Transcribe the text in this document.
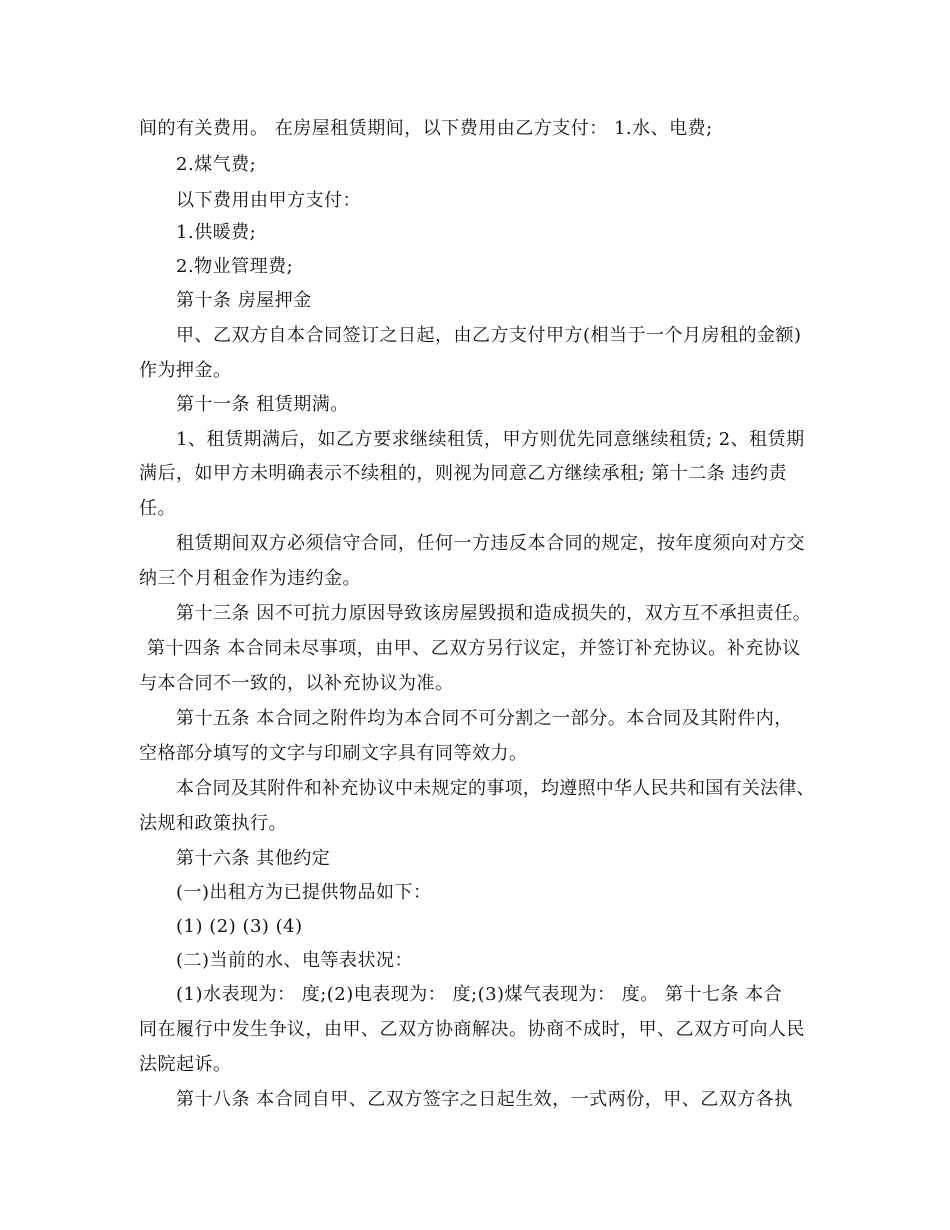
间的有关费用。 在房屋租赁期间，以下费用由乙方支付： 1.水、电费;
2.煤气费;
以下费用由甲方支付：
1.供暖费;
2.物业管理费;
第十条 房屋押金
甲、乙双方自本合同签订之日起，由乙方支付甲方(相当于一个月房租的金额)
作为押金。
第十一条 租赁期满。
1、租赁期满后，如乙方要求继续租赁，甲方则优先同意继续租赁; 2、租赁期
满后，如甲方未明确表示不续租的，则视为同意乙方继续承租; 第十二条 违约责
任。
租赁期间双方必须信守合同，任何一方违反本合同的规定，按年度须向对方交
纳三个月租金作为违约金。
第十三条 因不可抗力原因导致该房屋毁损和造成损失的，双方互不承担责任。
第十四条 本合同未尽事项，由甲、乙双方另行议定，并签订补充协议。补充协议
与本合同不一致的，以补充协议为准。
第十五条 本合同之附件均为本合同不可分割之一部分。本合同及其附件内，
空格部分填写的文字与印刷文字具有同等效力。
本合同及其附件和补充协议中未规定的事项，均遵照中华人民共和国有关法律、
法规和政策执行。
第十六条 其他约定
(一)出租方为已提供物品如下：
(1) (2) (3) (4)
(二)当前的水、电等表状况：
(1)水表现为： 度;(2)电表现为： 度;(3)煤气表现为： 度。 第十七条 本合
同在履行中发生争议，由甲、乙双方协商解决。协商不成时，甲、乙双方可向人民
法院起诉。
第十八条 本合同自甲、乙双方签字之日起生效，一式两份，甲、乙双方各执
